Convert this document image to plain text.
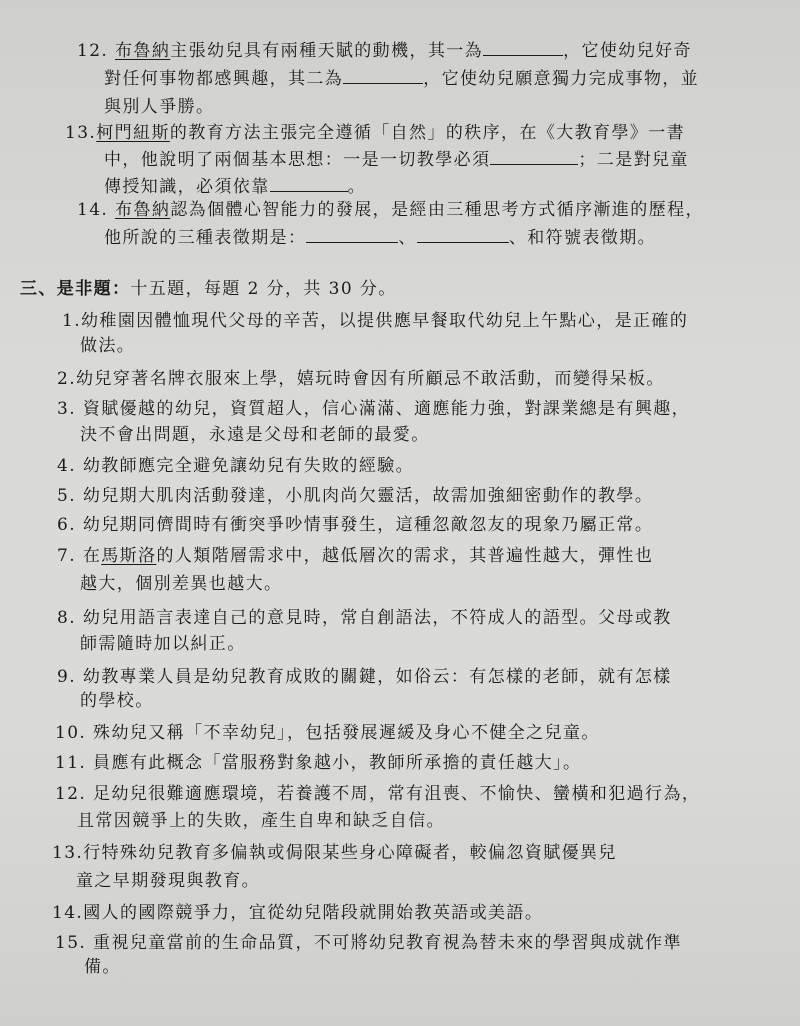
12. 布魯納主張幼兒具有兩種天賦的動機，其一為	，它使幼兒好奇
對任何事物都感興趣，其二為	，它使幼兒願意獨力完成事物，並
與別人爭勝。
13.柯門紐斯的教育方法主張完全遵循「自然」的秩序，在《大教育學》一書
中，他說明了兩個基本思想：一是一切教學必須	；二是對兒童
傳授知識，必須依靠	。
14. 布魯納認為個體心智能力的發展，是經由三種思考方式循序漸進的歷程，
他所說的三種表徵期是：	、	、和符號表徵期。
三、是非題：十五題，每題 2 分，共 30 分。
1.幼稚園因體恤現代父母的辛苦，以提供應早餐取代幼兒上午點心，是正確的
做法。
2.幼兒穿著名牌衣服來上學，嬉玩時會因有所顧忌不敢活動，而變得呆板。
3. 資賦優越的幼兒，資質超人，信心滿滿、適應能力強，對課業總是有興趣，
決不會出問題，永遠是父母和老師的最愛。
4. 幼教師應完全避免讓幼兒有失敗的經驗。
5. 幼兒期大肌肉活動發達，小肌肉尚欠靈活，故需加強細密動作的教學。
6. 幼兒期同儕間時有衝突爭吵情事發生，這種忽敵忽友的現象乃屬正常。
7. 在馬斯洛的人類階層需求中，越低層次的需求，其普遍性越大，彈性也
越大，個別差異也越大。
8. 幼兒用語言表達自己的意見時，常自創語法，不符成人的語型。父母或教
師需隨時加以糾正。
9. 幼教專業人員是幼兒教育成敗的關鍵，如俗云：有怎樣的老師，就有怎樣
的學校。
10. 殊幼兒又稱「不幸幼兒」，包括發展遲緩及身心不健全之兒童。
11. 員應有此概念「當服務對象越小，教師所承擔的責任越大」。
12. 足幼兒很難適應環境，若養護不周，常有沮喪、不愉快、蠻橫和犯過行為，
且常因競爭上的失敗，產生自卑和缺乏自信。
13.行特殊幼兒教育多偏執或侷限某些身心障礙者，較偏忽資賦優異兒
童之早期發現與教育。
14.國人的國際競爭力，宜從幼兒階段就開始教英語或美語。
15. 重視兒童當前的生命品質，不可將幼兒教育視為替未來的學習與成就作準
備。
